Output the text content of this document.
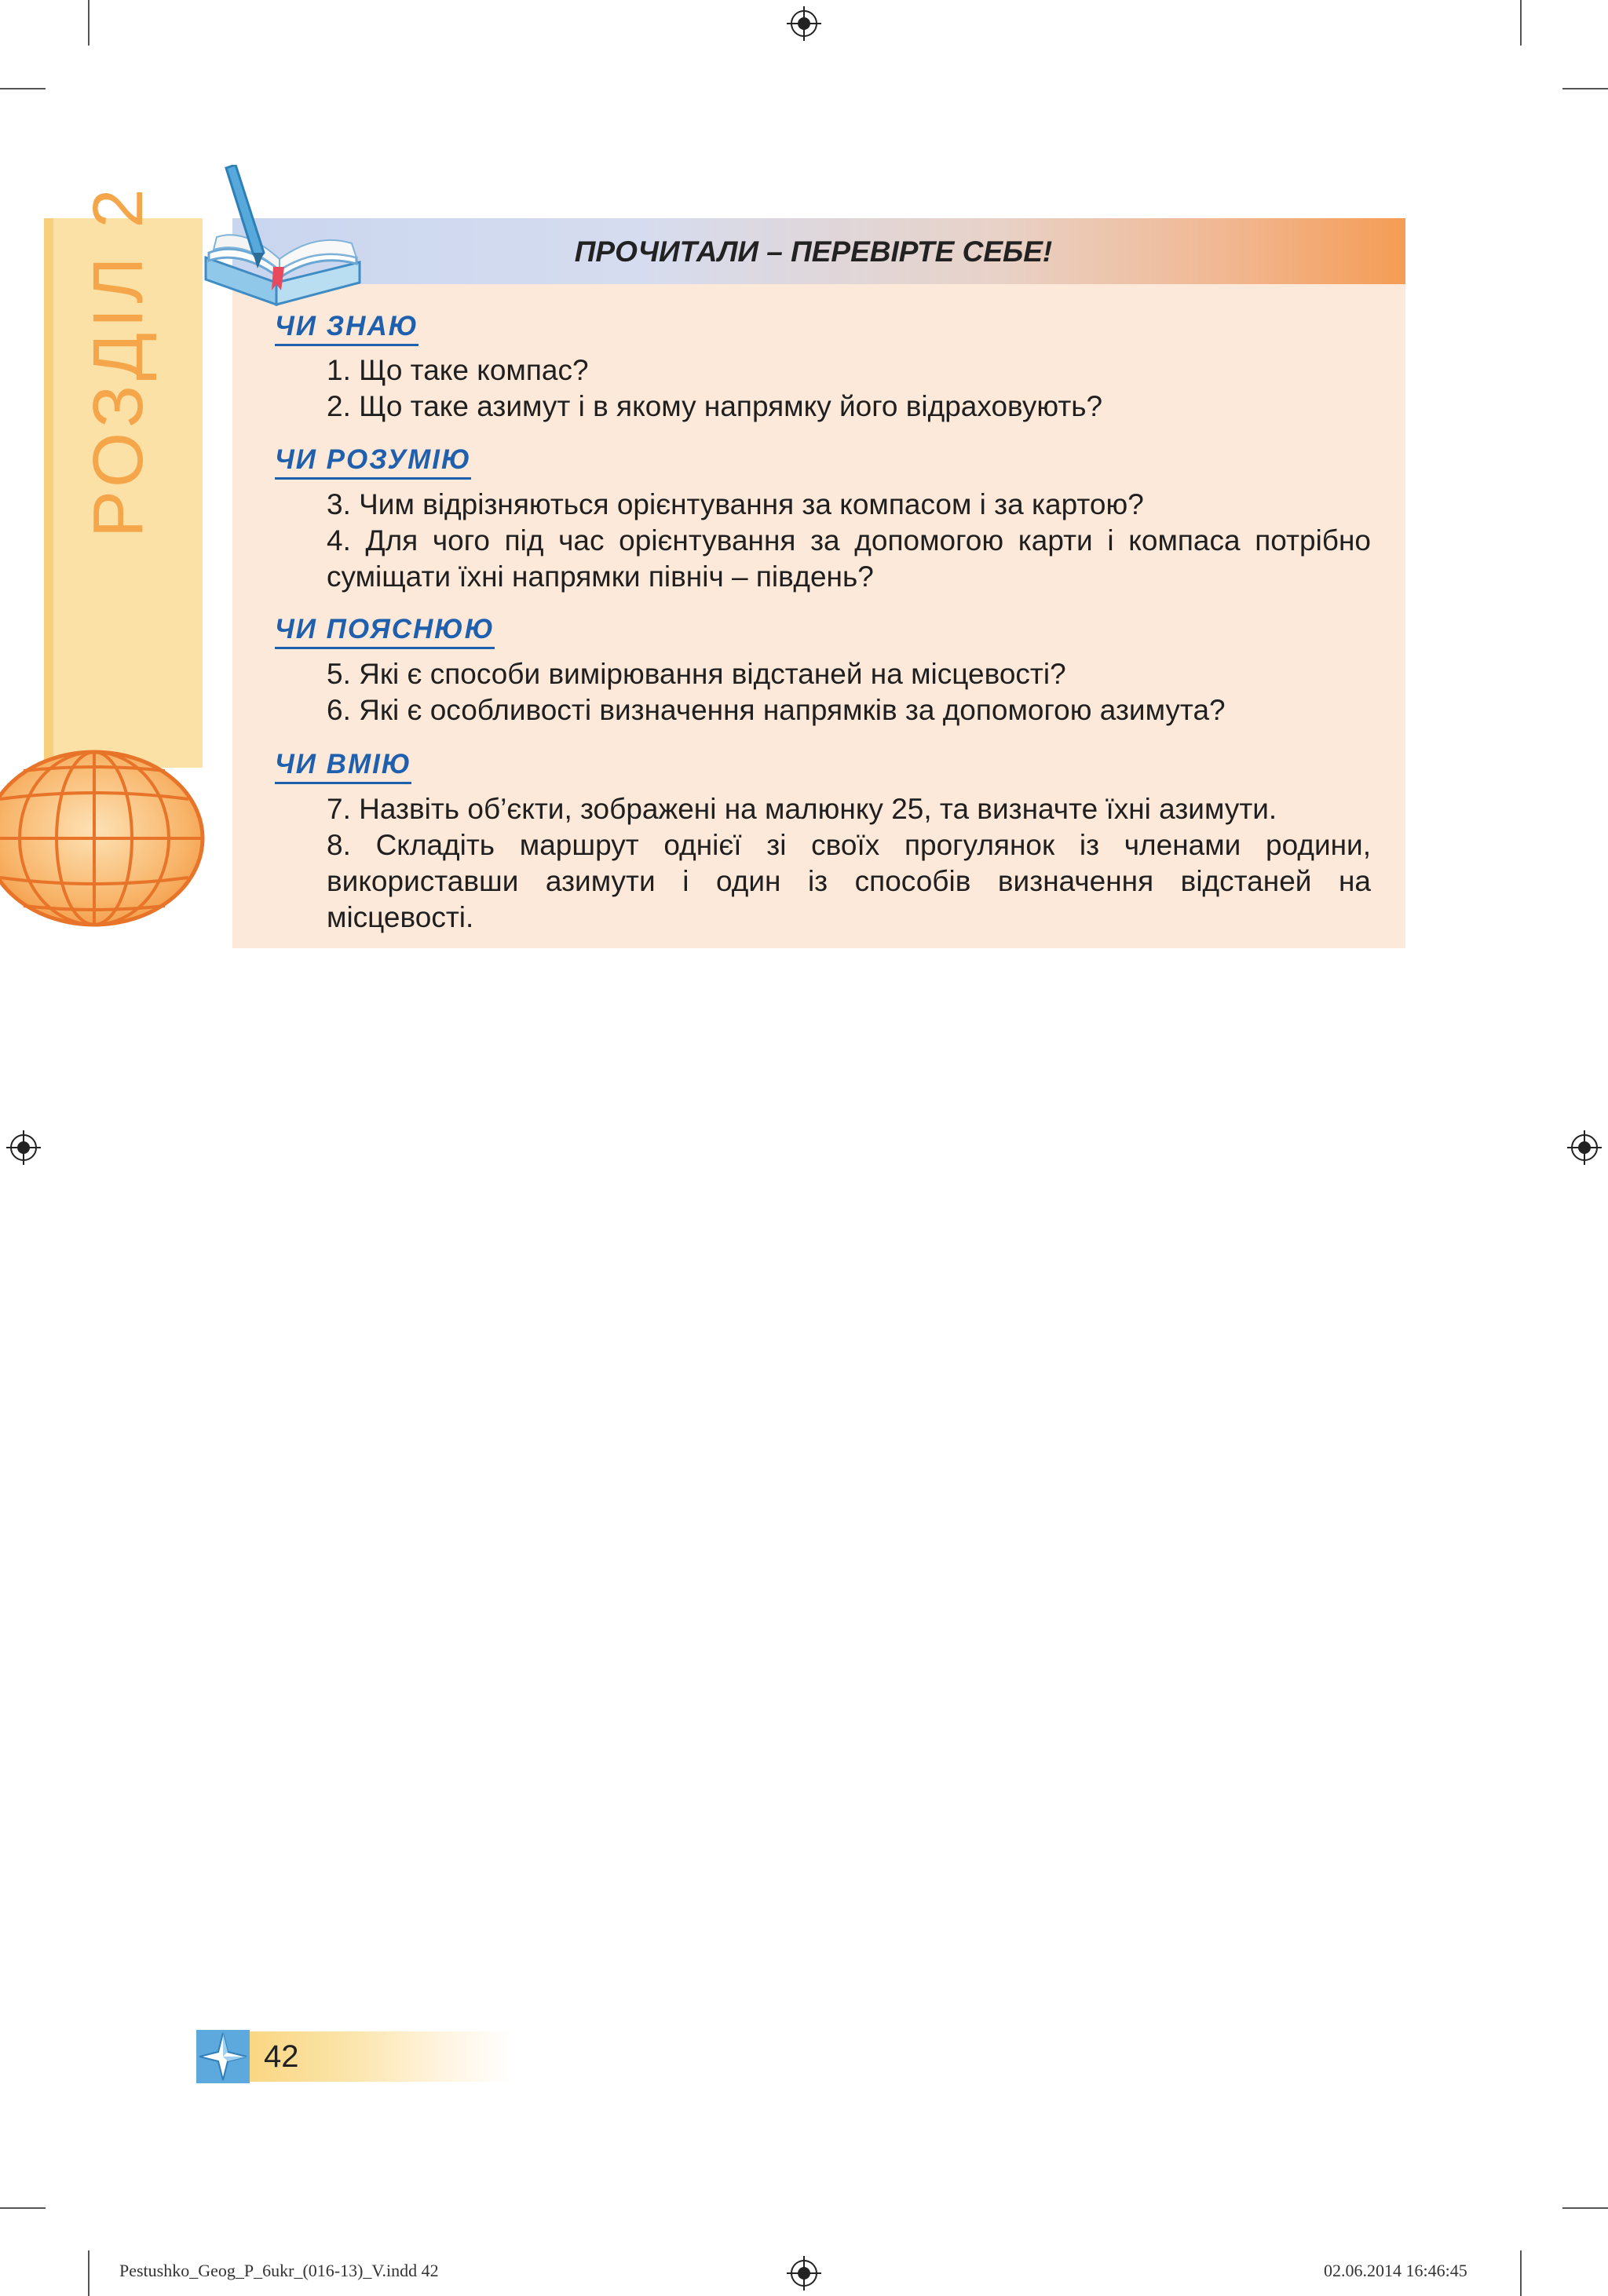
РОЗДІЛ 2	ПРОЧИТАЛИ – ПЕРЕВІРТЕ СЕБЕ!
ЧИ ЗНАЮ
1. Що таке компас?
2. Що таке азимут і в якому напрямку його відраховують?
ЧИ РОЗУМІЮ
3. Чим відрізняються орієнтування за компасом і за картою?
4. Для чого під час орієнтування за допомогою карти і компаса потрібно суміщати їхні напрямки північ – південь?
ЧИ ПОЯСНЮЮ
5. Які є способи вимірювання відстаней на місцевості?
6. Які є особливості визначення напрямків за допомогою азимута?
ЧИ ВМІЮ
7. Назвіть об’єкти, зображені на малюнку 25, та визначте їхні азимути.
8. Складіть маршрут однієї зі своїх прогулянок із членами родини, використавши азимути і один із способів визначення відстаней на місцевості.
42
Pestushko_Geog_P_6ukr_(016-13)_V.indd 42	02.06.2014 16:46:45
